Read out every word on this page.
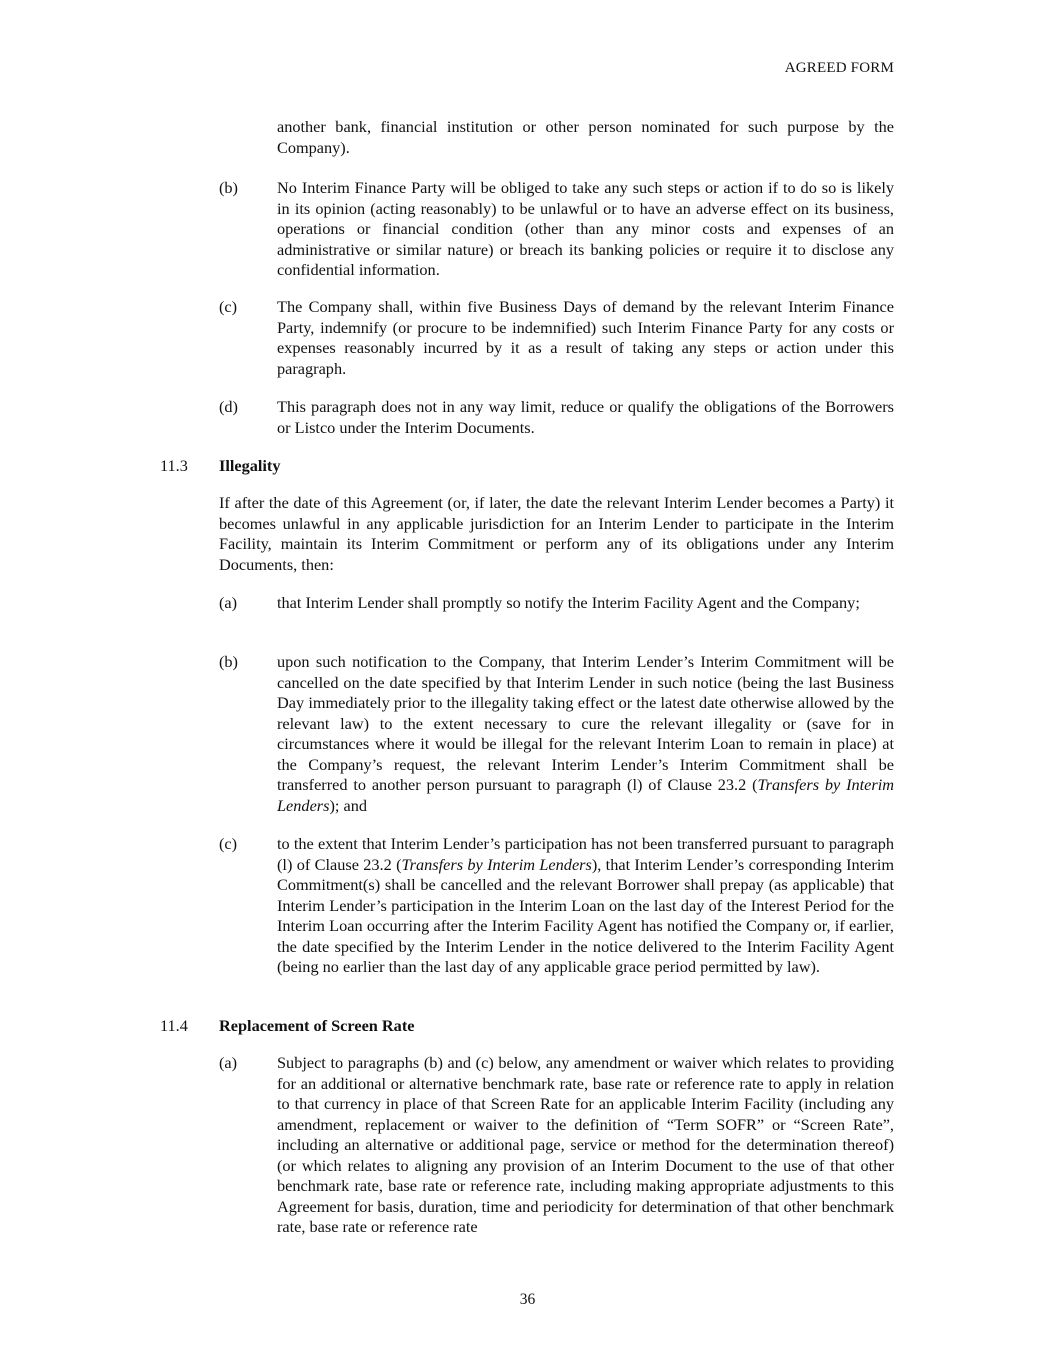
AGREED FORM
another bank, financial institution or other person nominated for such purpose by the Company).
(b) No Interim Finance Party will be obliged to take any such steps or action if to do so is likely in its opinion (acting reasonably) to be unlawful or to have an adverse effect on its business, operations or financial condition (other than any minor costs and expenses of an administrative or similar nature) or breach its banking policies or require it to disclose any confidential information.
(c) The Company shall, within five Business Days of demand by the relevant Interim Finance Party, indemnify (or procure to be indemnified) such Interim Finance Party for any costs or expenses reasonably incurred by it as a result of taking any steps or action under this paragraph.
(d) This paragraph does not in any way limit, reduce or qualify the obligations of the Borrowers or Listco under the Interim Documents.
11.3 Illegality
If after the date of this Agreement (or, if later, the date the relevant Interim Lender becomes a Party) it becomes unlawful in any applicable jurisdiction for an Interim Lender to participate in the Interim Facility, maintain its Interim Commitment or perform any of its obligations under any Interim Documents, then:
(a) that Interim Lender shall promptly so notify the Interim Facility Agent and the Company;
(b) upon such notification to the Company, that Interim Lender’s Interim Commitment will be cancelled on the date specified by that Interim Lender in such notice (being the last Business Day immediately prior to the illegality taking effect or the latest date otherwise allowed by the relevant law) to the extent necessary to cure the relevant illegality or (save for in circumstances where it would be illegal for the relevant Interim Loan to remain in place) at the Company’s request, the relevant Interim Lender’s Interim Commitment shall be transferred to another person pursuant to paragraph (l) of Clause 23.2 (Transfers by Interim Lenders); and
(c) to the extent that Interim Lender’s participation has not been transferred pursuant to paragraph (l) of Clause 23.2 (Transfers by Interim Lenders), that Interim Lender’s corresponding Interim Commitment(s) shall be cancelled and the relevant Borrower shall prepay (as applicable) that Interim Lender’s participation in the Interim Loan on the last day of the Interest Period for the Interim Loan occurring after the Interim Facility Agent has notified the Company or, if earlier, the date specified by the Interim Lender in the notice delivered to the Interim Facility Agent (being no earlier than the last day of any applicable grace period permitted by law).
11.4 Replacement of Screen Rate
(a) Subject to paragraphs (b) and (c) below, any amendment or waiver which relates to providing for an additional or alternative benchmark rate, base rate or reference rate to apply in relation to that currency in place of that Screen Rate for an applicable Interim Facility (including any amendment, replacement or waiver to the definition of “Term SOFR” or “Screen Rate”, including an alternative or additional page, service or method for the determination thereof) (or which relates to aligning any provision of an Interim Document to the use of that other benchmark rate, base rate or reference rate, including making appropriate adjustments to this Agreement for basis, duration, time and periodicity for determination of that other benchmark rate, base rate or reference rate
36
